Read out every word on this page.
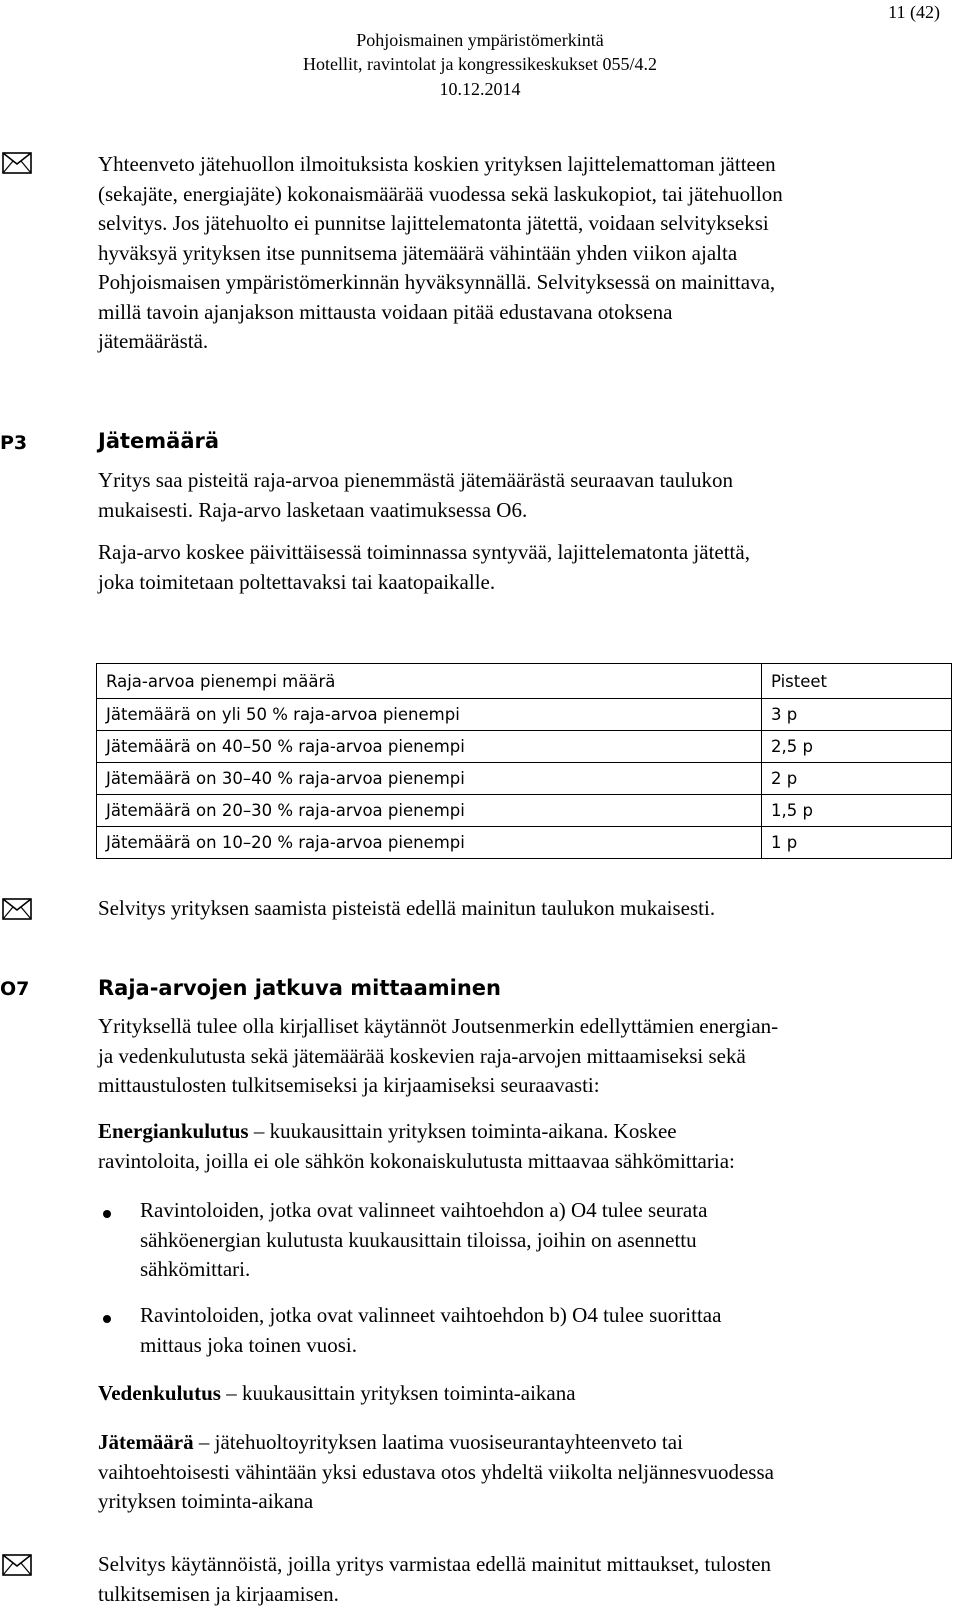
11 (42)
Pohjoismainen ympäristömerkintä
Hotellit, ravintolat ja kongressikeskukset 055/4.2
10.12.2014
Yhteenveto jätehuollon ilmoituksista koskien yrityksen lajittelemattoman jätteen
(sekajäte, energiajäte) kokonaismäärää vuodessa sekä laskukopiot, tai jätehuollon
selvitys. Jos jätehuolto ei punnitse lajittelematonta jätettä, voidaan selvitykseksi
hyväksyä yrityksen itse punnitsema jätemäärä vähintään yhden viikon ajalta
Pohjoismaisen ympäristömerkinnän hyväksynnällä. Selvityksessä on mainittava,
millä tavoin ajanjakson mittausta voidaan pitää edustavana otoksena
jätemäärästä.
P3	Jätemäärä
Yritys saa pisteitä raja-arvoa pienemmästä jätemäärästä seuraavan taulukon
mukaisesti. Raja-arvo lasketaan vaatimuksessa O6.
Raja-arvo koskee päivittäisessä toiminnassa syntyvää, lajittelematonta jätettä,
joka toimitetaan poltettavaksi tai kaatopaikalle.
Raja-arvoa pienempi määrä	Pisteet
Jätemäärä on yli 50 % raja-arvoa pienempi	3 p
Jätemäärä on 40–50 % raja-arvoa pienempi	2,5 p
Jätemäärä on 30–40 % raja-arvoa pienempi	2 p
Jätemäärä on 20–30 % raja-arvoa pienempi	1,5 p
Jätemäärä on 10–20 % raja-arvoa pienempi	1 p
Selvitys yrityksen saamista pisteistä edellä mainitun taulukon mukaisesti.
O7	Raja-arvojen jatkuva mittaaminen
Yrityksellä tulee olla kirjalliset käytännöt Joutsenmerkin edellyttämien energian-
ja vedenkulutusta sekä jätemäärää koskevien raja-arvojen mittaamiseksi sekä
mittaustulosten tulkitsemiseksi ja kirjaamiseksi seuraavasti:
Energiankulutus – kuukausittain yrityksen toiminta-aikana. Koskee
ravintoloita, joilla ei ole sähkön kokonaiskulutusta mittaavaa sähkömittaria:
Ravintoloiden, jotka ovat valinneet vaihtoehdon a) O4 tulee seurata
sähköenergian kulutusta kuukausittain tiloissa, joihin on asennettu
sähkömittari.
Ravintoloiden, jotka ovat valinneet vaihtoehdon b) O4 tulee suorittaa
mittaus joka toinen vuosi.
Vedenkulutus – kuukausittain yrityksen toiminta-aikana
Jätemäärä – jätehuoltoyrityksen laatima vuosiseurantayhteenveto tai
vaihtoehtoisesti vähintään yksi edustava otos yhdeltä viikolta neljännesvuodessa
yrityksen toiminta-aikana
Selvitys käytännöistä, joilla yritys varmistaa edellä mainitut mittaukset, tulosten
tulkitsemisen ja kirjaamisen.
